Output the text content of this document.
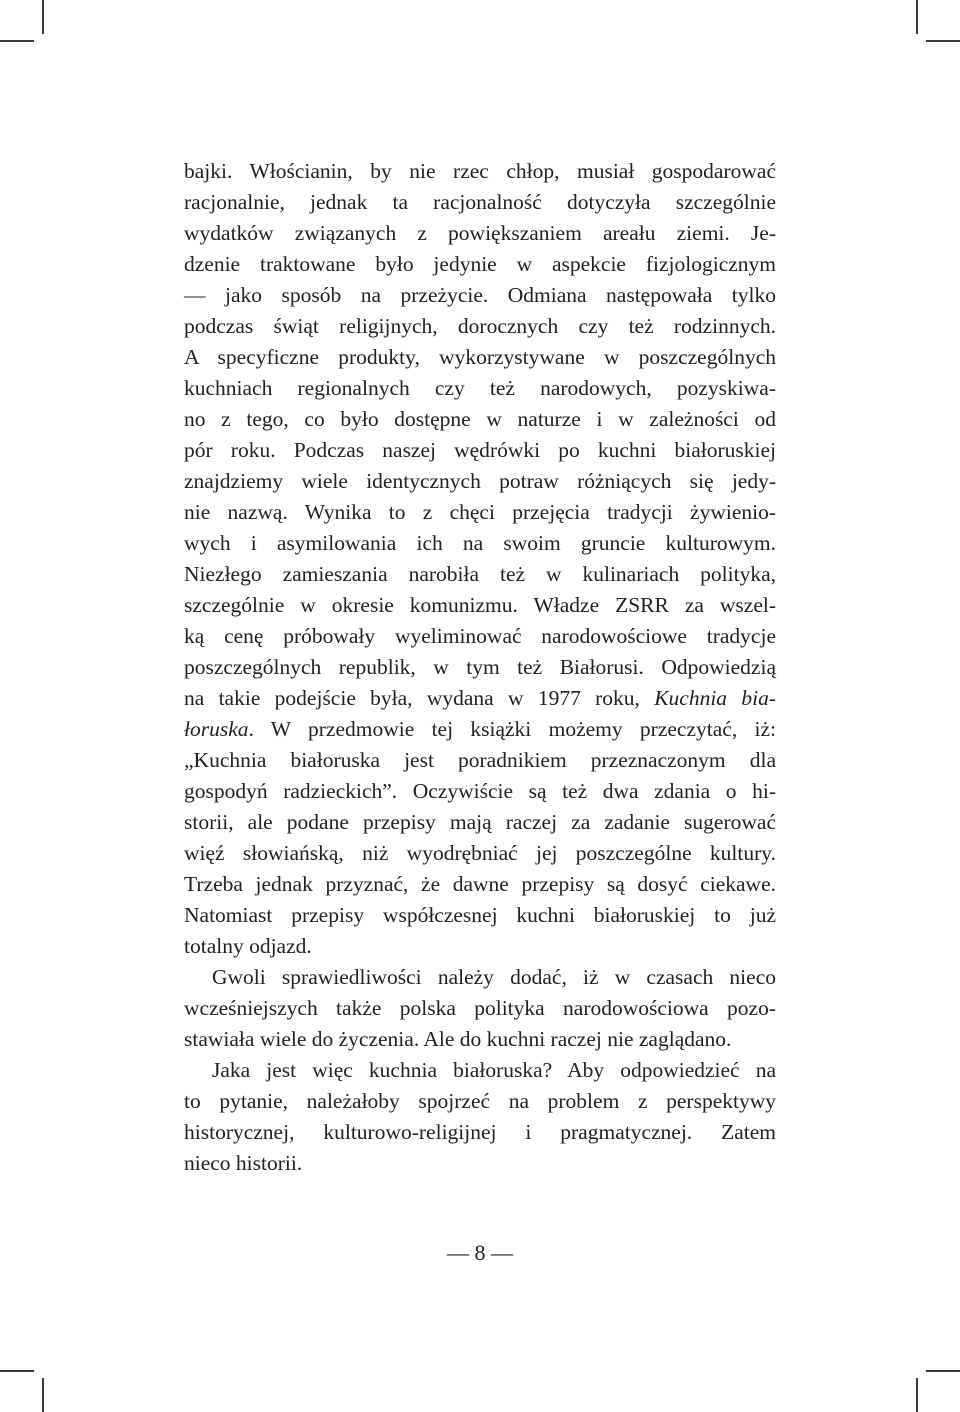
bajki. Włościanin, by nie rzec chłop, musiał gospodarować
racjonalnie, jednak ta racjonalność dotyczyła szczególnie
wydatków związanych z powiększaniem areału ziemi. Je-
dzenie traktowane było jedynie w aspekcie fizjologicznym
— jako sposób na przeżycie. Odmiana następowała tylko
podczas świąt religijnych, dorocznych czy też rodzinnych.
A specyficzne produkty, wykorzystywane w poszczególnych
kuchniach regionalnych czy też narodowych, pozyskiwa-
no z tego, co było dostępne w naturze i w zależności od
pór roku. Podczas naszej wędrówki po kuchni białoruskiej
znajdziemy wiele identycznych potraw różniących się jedy-
nie nazwą. Wynika to z chęci przejęcia tradycji żywienio-
wych i asymilowania ich na swoim gruncie kulturowym.
Niezłego zamieszania narobiła też w kulinariach polityka,
szczególnie w okresie komunizmu. Władze ZSRR za wszel-
ką cenę próbowały wyeliminować narodowościowe tradycje
poszczególnych republik, w tym też Białorusi. Odpowiedzią
na takie podejście była, wydana w 1977 roku, Kuchnia bia-
łoruska. W przedmowie tej książki możemy przeczytać, iż:
„Kuchnia białoruska jest poradnikiem przeznaczonym dla
gospodyń radzieckich”. Oczywiście są też dwa zdania o hi-
storii, ale podane przepisy mają raczej za zadanie sugerować
więź słowiańską, niż wyodrębniać jej poszczególne kultury.
Trzeba jednak przyznać, że dawne przepisy są dosyć ciekawe.
Natomiast przepisy współczesnej kuchni białoruskiej to już
totalny odjazd.
Gwoli sprawiedliwości należy dodać, iż w czasach nieco
wcześniejszych także polska polityka narodowościowa pozo-
stawiała wiele do życzenia. Ale do kuchni raczej nie zaglądano.
Jaka jest więc kuchnia białoruska? Aby odpowiedzieć na
to pytanie, należałoby spojrzeć na problem z perspektywy
historycznej, kulturowo-religijnej i pragmatycznej. Zatem
nieco historii.
— 8 —
